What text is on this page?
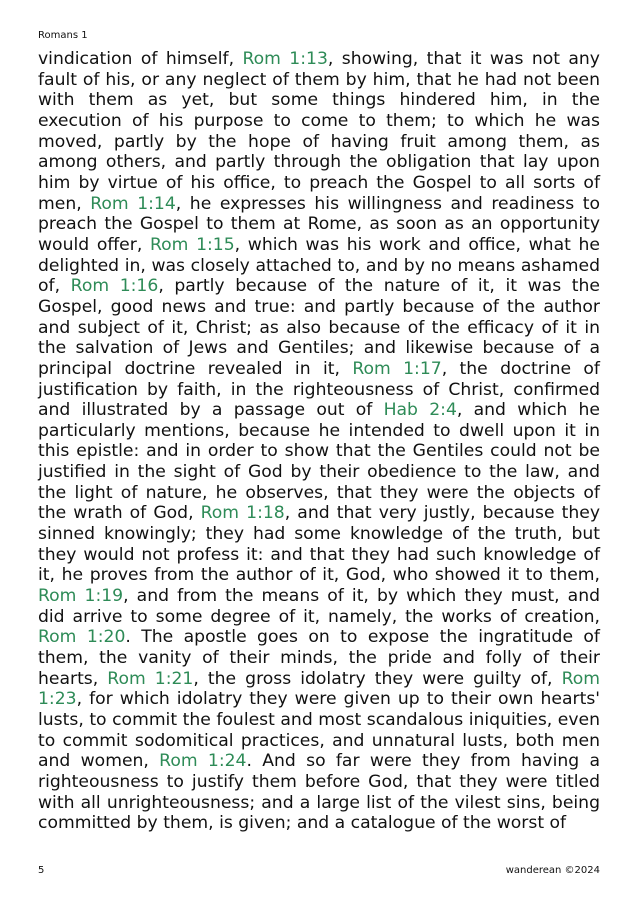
Romans 1
vindication of himself, Rom 1:13, showing, that it was not any fault of his, or any neglect of them by him, that he had not been with them as yet, but some things hindered him, in the execution of his purpose to come to them; to which he was moved, partly by the hope of having fruit among them, as among others, and partly through the obligation that lay upon him by virtue of his office, to preach the Gospel to all sorts of men, Rom 1:14, he expresses his willingness and readiness to preach the Gospel to them at Rome, as soon as an opportunity would offer, Rom 1:15, which was his work and office, what he delighted in, was closely attached to, and by no means ashamed of, Rom 1:16, partly because of the nature of it, it was the Gospel, good news and true: and partly because of the author and subject of it, Christ; as also because of the efficacy of it in the salvation of Jews and Gentiles; and likewise because of a principal doctrine revealed in it, Rom 1:17, the doctrine of justification by faith, in the righteousness of Christ, confirmed and illustrated by a passage out of Hab 2:4, and which he particularly mentions, because he intended to dwell upon it in this epistle: and in order to show that the Gentiles could not be justified in the sight of God by their obedience to the law, and the light of nature, he observes, that they were the objects of the wrath of God, Rom 1:18, and that very justly, because they sinned knowingly; they had some knowledge of the truth, but they would not profess it: and that they had such knowledge of it, he proves from the author of it, God, who showed it to them, Rom 1:19, and from the means of it, by which they must, and did arrive to some degree of it, namely, the works of creation, Rom 1:20. The apostle goes on to expose the ingratitude of them, the vanity of their minds, the pride and folly of their hearts, Rom 1:21, the gross idolatry they were guilty of, Rom 1:23, for which idolatry they were given up to their own hearts' lusts, to commit the foulest and most scandalous iniquities, even to commit sodomitical practices, and unnatural lusts, both men and women, Rom 1:24. And so far were they from having a righteousness to justify them before God, that they were titled with all unrighteousness; and a large list of the vilest sins, being committed by them, is given; and a catalogue of the worst of
5	wanderean ©2024
